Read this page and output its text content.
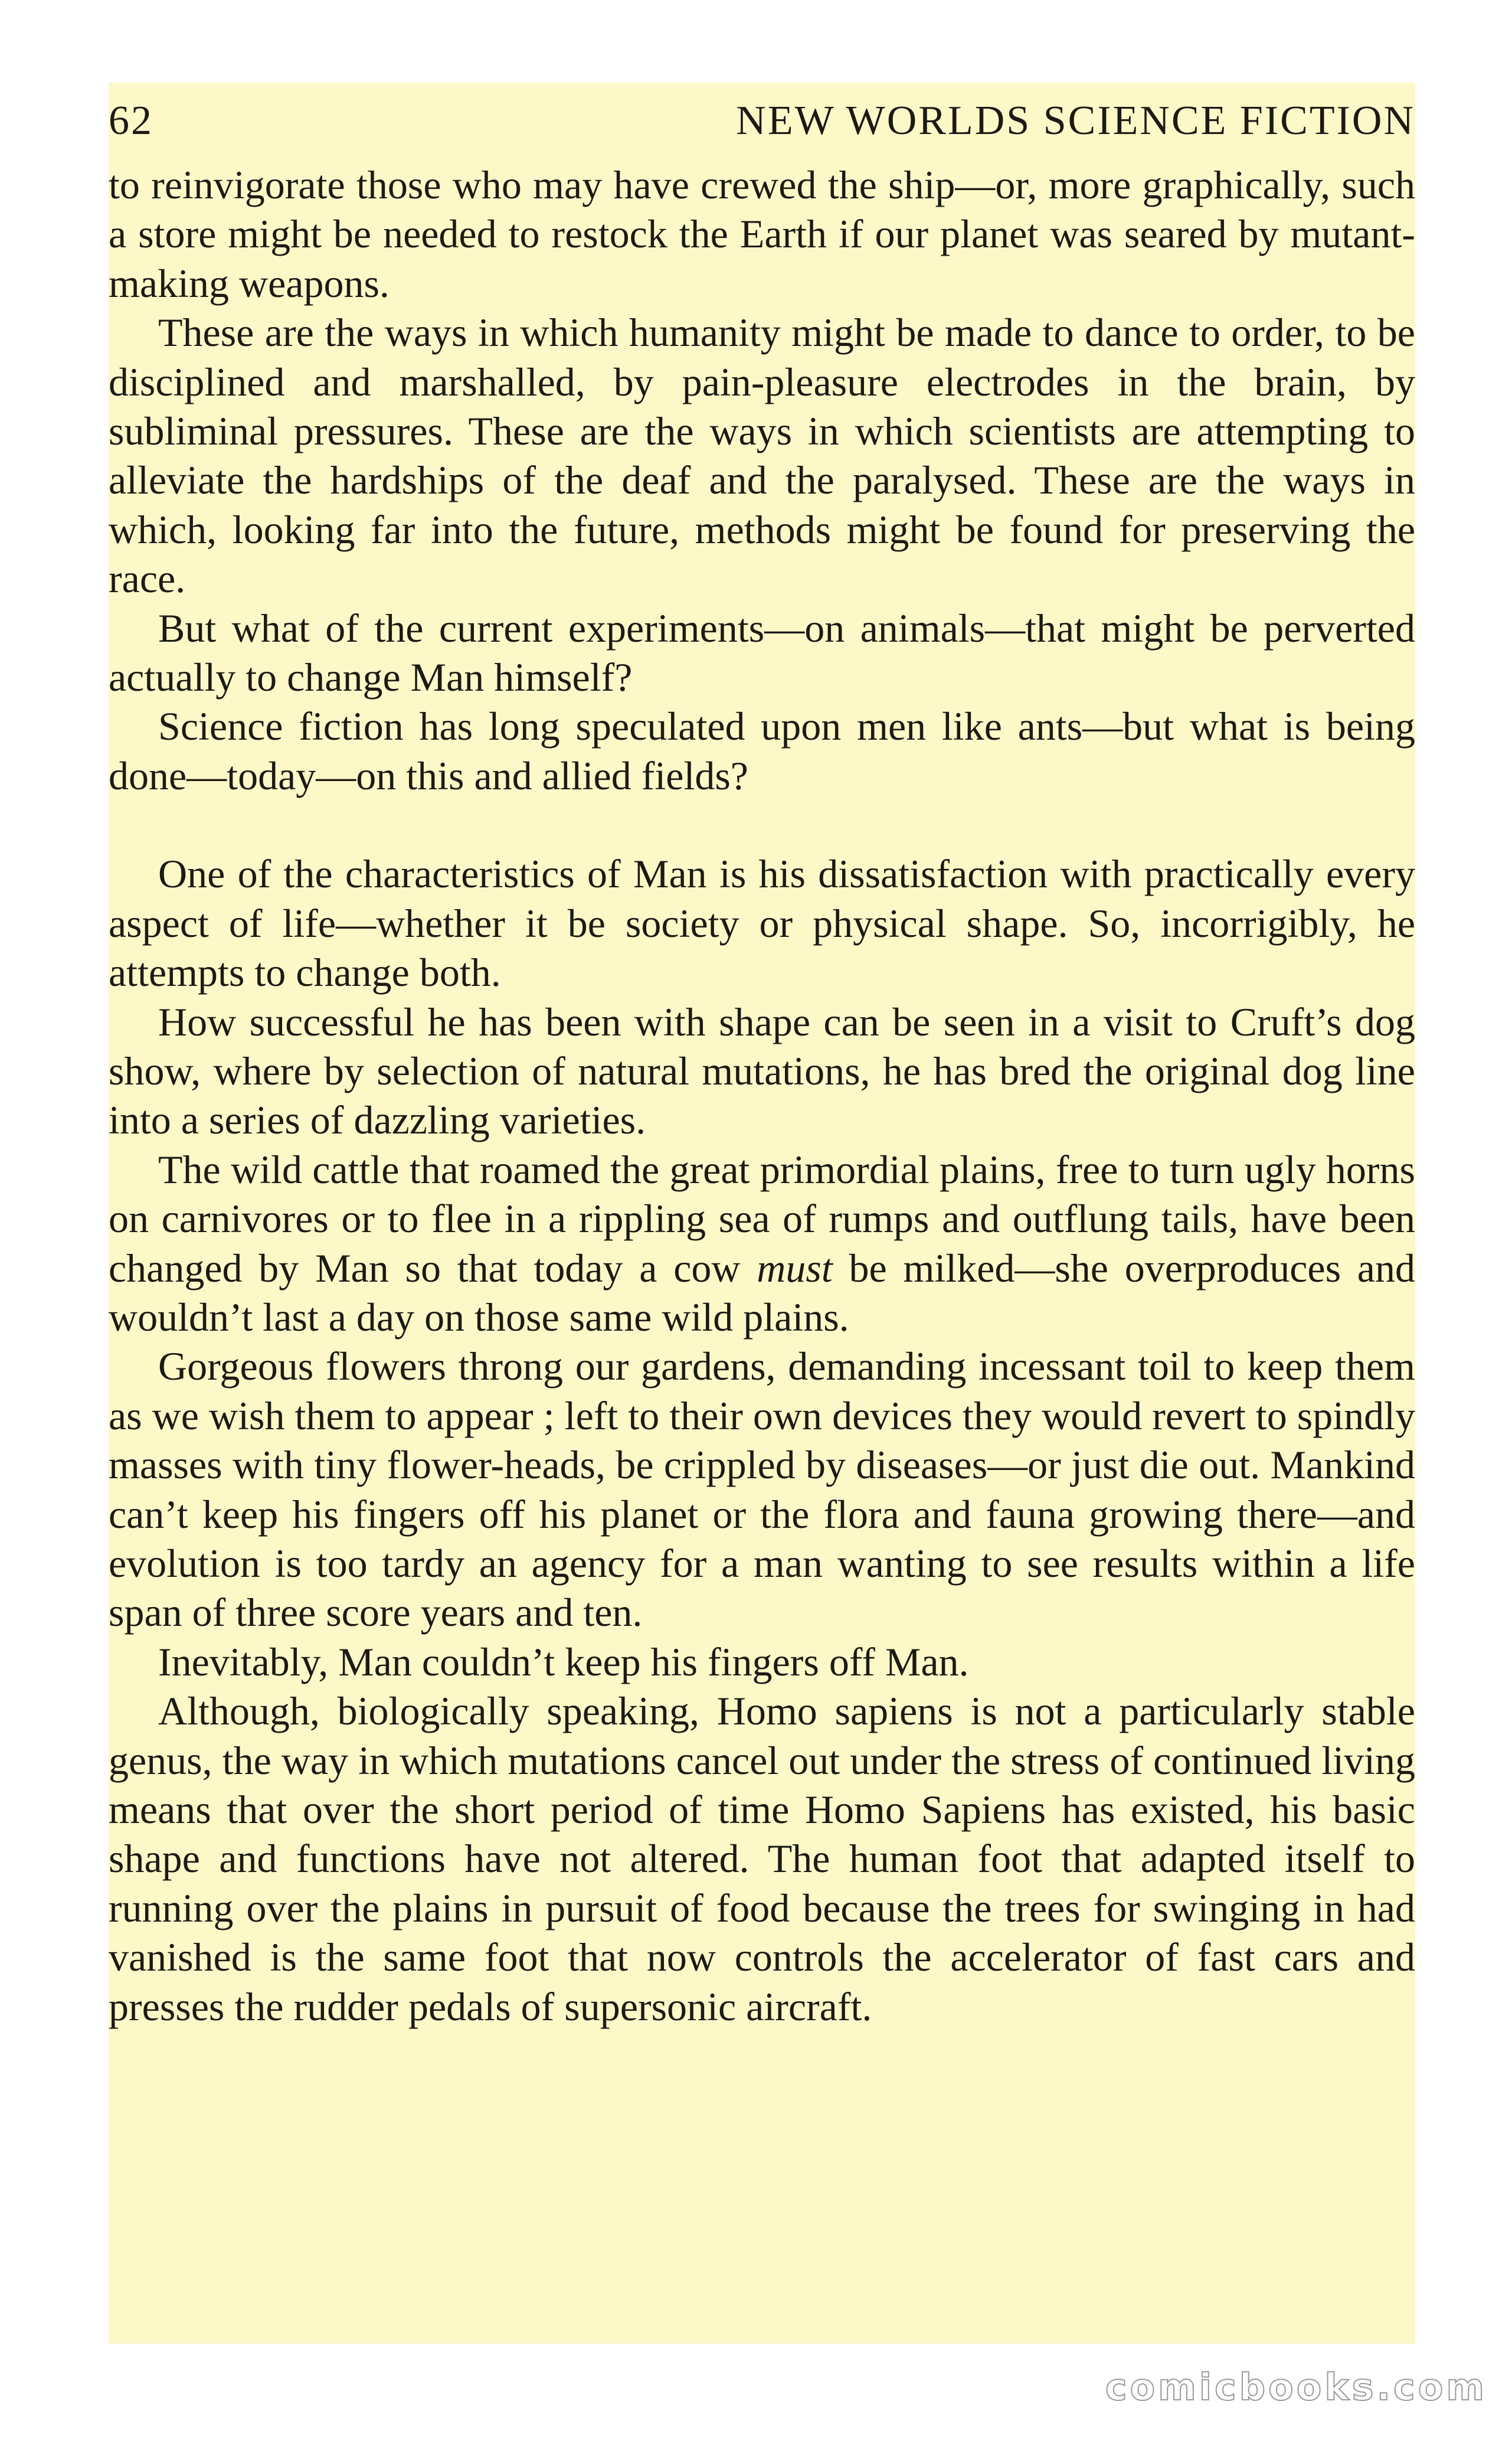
62	NEW WORLDS SCIENCE FICTION

to reinvigorate those who may have crewed the ship—or, more graphically, such a store might be needed to restock the Earth if our planet was seared by mutant-making weapons.

These are the ways in which humanity might be made to dance to order, to be disciplined and marshalled, by pain-pleasure electrodes in the brain, by subliminal pressures. These are the ways in which scientists are attempting to alleviate the hardships of the deaf and the paralysed. These are the ways in which, looking far into the future, methods might be found for preserving the race.

But what of the current experiments—on animals—that might be perverted actually to change Man himself?

Science fiction has long speculated upon men like ants—but what is being done—today—on this and allied fields?

One of the characteristics of Man is his dissatisfaction with practically every aspect of life—whether it be society or physical shape. So, incorrigibly, he attempts to change both.

How successful he has been with shape can be seen in a visit to Cruft’s dog show, where by selection of natural mutations, he has bred the original dog line into a series of dazzling varieties.

The wild cattle that roamed the great primordial plains, free to turn ugly horns on carnivores or to flee in a rippling sea of rumps and outflung tails, have been changed by Man so that today a cow must be milked—she overproduces and wouldn’t last a day on those same wild plains.

Gorgeous flowers throng our gardens, demanding incessant toil to keep them as we wish them to appear ; left to their own devices they would revert to spindly masses with tiny flower-heads, be crippled by diseases—or just die out. Mankind can’t keep his fingers off his planet or the flora and fauna growing there—and evolution is too tardy an agency for a man wanting to see results within a life span of three score years and ten.

Inevitably, Man couldn’t keep his fingers off Man.

Although, biologically speaking, Homo sapiens is not a particularly stable genus, the way in which mutations cancel out under the stress of continued living means that over the short period of time Homo Sapiens has existed, his basic shape and functions have not altered. The human foot that adapted itself to running over the plains in pursuit of food because the trees for swinging in had vanished is the same foot that now controls the accelerator of fast cars and presses the rudder pedals of supersonic aircraft.

comicbooks.com
